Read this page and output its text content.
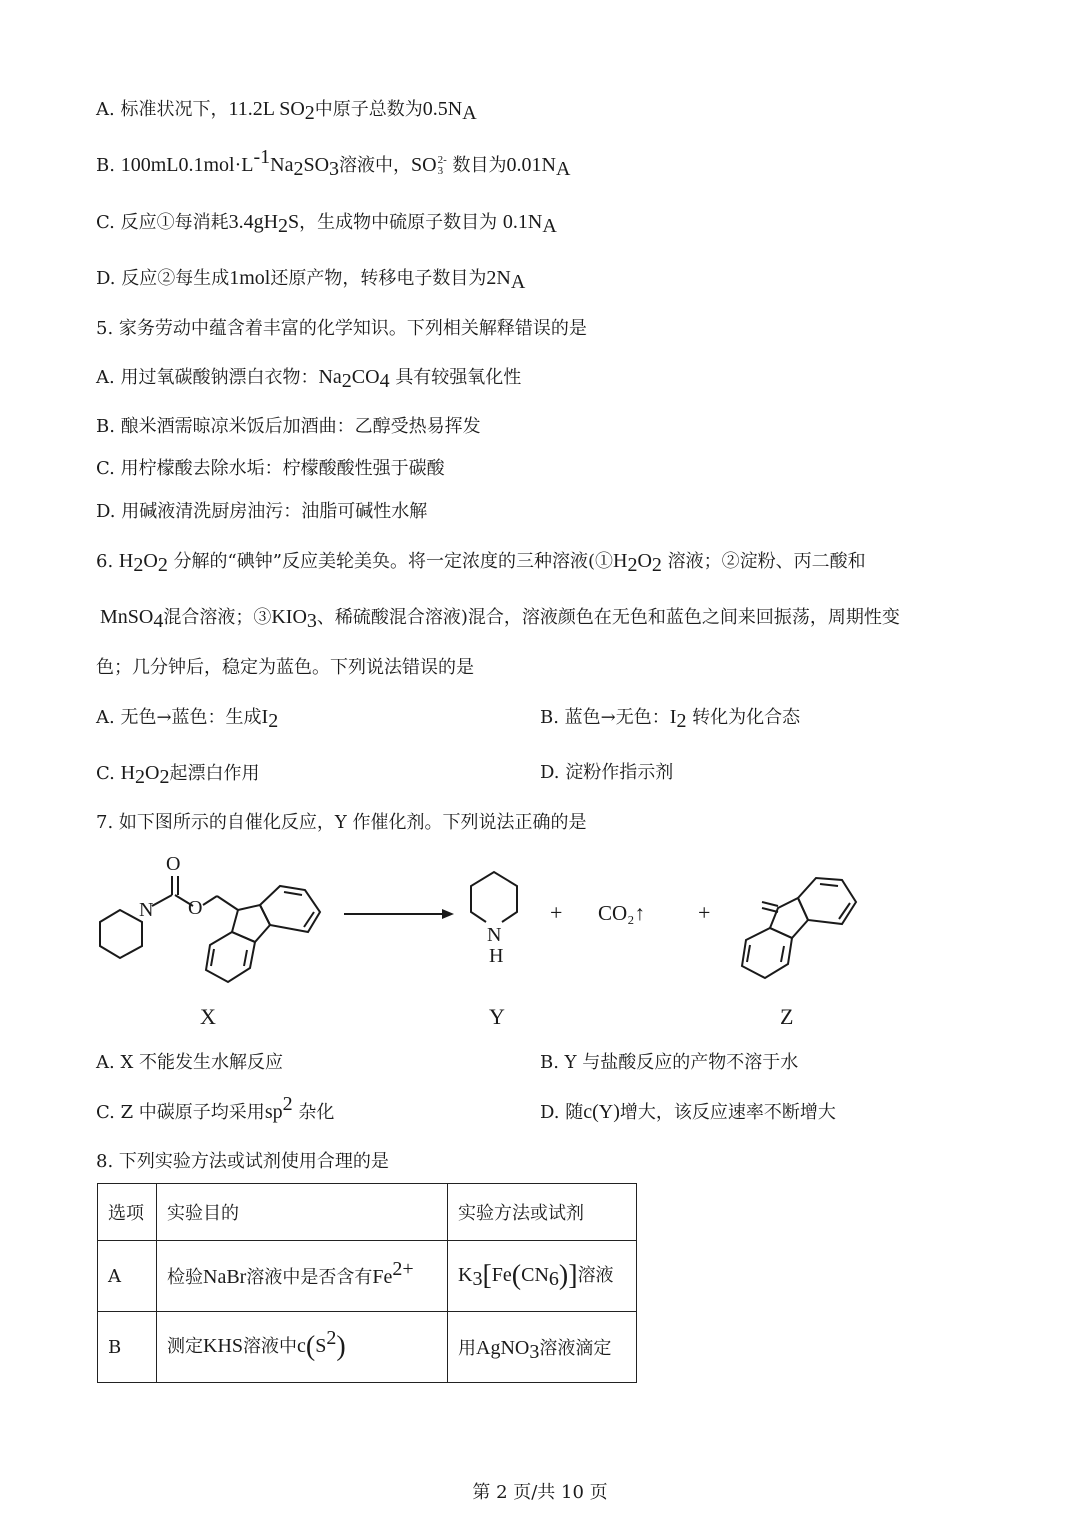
A. 标准状况下，11.2L $SO_2$中原子总数为$0.5N_A$
B. $100mL0.1mol\cdot L^{-1}Na_2SO_3$溶液中，SO 2-
3 数目为$0.01N_A$
C. 反应①每消耗$3.4gH_2S$，生成物中硫原子数目为 $0.1N_A$
D. 反应②每生成1mol还原产物，转移电子数目为$2N_A$
5. 家务劳动中蕴含着丰富的化学知识。下列相关解释错误的是
A. 用过氧碳酸钠漂白衣物：$Na_2CO_4$ 具有较强氧化性
B. 酿米酒需晾凉米饭后加酒曲：乙醇受热易挥发
C. 用柠檬酸去除水垢：柠檬酸酸性强于碳酸
D. 用碱液清洗厨房油污：油脂可碱性水解
6. $H_2O_2$ 分解的“碘钟”反应美轮美奂。将一定浓度的三种溶液($①H_2O_2$ 溶液；②淀粉、丙二酸和
MnSO$_4$混合溶液；$③KIO_3$、稀硫酸混合溶液)混合，溶液颜色在无色和蓝色之间来回振荡，周期性变
色；几分钟后，稳定为蓝色。下列说法错误的是
A. 无色→蓝色：生成$I_2$	B. 蓝色→无色：$I_2$ 转化为化合态
C. $H_2O_2$起漂白作用	D. 淀粉作指示剂
7. 如下图所示的自催化反应，Y 作催化剂。下列说法正确的是
O
N O
N
H
+ CO₂↑ +
X	Y	Z
A. X 不能发生水解反应	B. Y 与盐酸反应的产物不溶于水
C. Z 中碳原子均采用$sp^2$ 杂化	D. 随c(Y)增大，该反应速率不断增大
8. 下列实验方法或试剂使用合理的是
选项	实验目的	实验方法或试剂
A	检验NaBr溶液中是否含有$Fe^{2+}$	$K_3[Fe(CN_6)]$溶液
B	测定KHS溶液中$c(S^2)$	用AgNO$_3$溶液滴定
第 2 页/共 10 页
